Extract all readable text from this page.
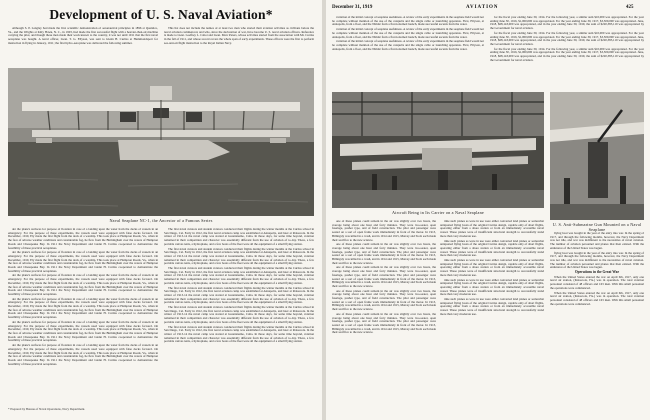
Development of U. S. Naval Aviation*

Although S. P. Langley had made the first scientific demonstration of aeronautical principles in 1896 at Quantico, Va., and the Wrights at Kitty Hawk, N. C., in 1903, had made the first successful flight with a heavier-than-air machine carrying the pilot, and though these men made their work known to the country, it was not until 1911 that the first naval aeroplane was bought. A naval officer, Lieut. T. G. Ellyson, was sent to Glenn H. Curtiss at Hammondsport for instruction in flying in January, 1911; the first hydro-aeroplane was delivered the following summer.

This list does not include the names of at least two men who started their aviation activities as civilians before the naval aviation commenced, and who, since the declaration of war, have become U. S. naval aviation officers. Reference is made to Lieut. Godfrey L. Cabot and Lieut. Marc Peters, whose activities started from the association with Mr. Curtiss in the fall of 1911, and whose record covers the whole span of early experiments. These officers were the first to perform sea-and-air flight instruction to the Royal Italian Navy.

Naval Seaplane NC-1, the Ancestor of a Famous Series

der the plane's surfaces for purpose of flotation in case of a landing upon the water from the decks of vessels in an emergency. For the purpose of these experiments, the vessels used were equipped with false decks forward. On December, 1910, Ely made the first flight from the deck of a warship. This took place at Hampton Roads, Va., when in the face of adverse weather conditions and considerable fog, he flew from the Birmingham over the waters of Hampton Roads and Chesapeake Bay. In 1911 the Navy Department and Glenn H. Curtiss cooperated to demonstrate the feasibility of these practical aeroplanes.

der the plane's surfaces for purpose of flotation in case of a landing upon the water from the decks of vessels in an emergency. For the purpose of these experiments, the vessels used were equipped with false decks forward. On December, 1910, Ely made the first flight from the deck of a warship. This took place at Hampton Roads, Va., when in the face of adverse weather conditions and considerable fog, he flew from the Birmingham over the waters of Hampton Roads and Chesapeake Bay. In 1911 the Navy Department and Glenn H. Curtiss cooperated to demonstrate the feasibility of these practical aeroplanes.

der the plane's surfaces for purpose of flotation in case of a landing upon the water from the decks of vessels in an emergency. For the purpose of these experiments, the vessels used were equipped with false decks forward. On December, 1910, Ely made the first flight from the deck of a warship. This took place at Hampton Roads, Va., when in the face of adverse weather conditions and considerable fog, he flew from the Birmingham over the waters of Hampton Roads and Chesapeake Bay. In 1911 the Navy Department and Glenn H. Curtiss cooperated to demonstrate the feasibility of these practical aeroplanes.

der the plane's surfaces for purpose of flotation in case of a landing upon the water from the decks of vessels in an emergency. For the purpose of these experiments, the vessels used were equipped with false decks forward. On December, 1910, Ely made the first flight from the deck of a warship. This took place at Hampton Roads, Va., when in the face of adverse weather conditions and considerable fog, he flew from the Birmingham over the waters of Hampton Roads and Chesapeake Bay. In 1911 the Navy Department and Glenn H. Curtiss cooperated to demonstrate the feasibility of these practical aeroplanes.

der the plane's surfaces for purpose of flotation in case of a landing upon the water from the decks of vessels in an emergency. For the purpose of these experiments, the vessels used were equipped with false decks forward. On December, 1910, Ely made the first flight from the deck of a warship. This took place at Hampton Roads, Va., when in the face of adverse weather conditions and considerable fog, he flew from the Birmingham over the waters of Hampton Roads and Chesapeake Bay. In 1911 the Navy Department and Glenn H. Curtiss cooperated to demonstrate the feasibility of these practical aeroplanes.

der the plane's surfaces for purpose of flotation in case of a landing upon the water from the decks of vessels in an emergency. For the purpose of these experiments, the vessels used were equipped with false decks forward. On December, 1910, Ely made the first flight from the deck of a warship. This took place at Hampton Roads, Va., when in the face of adverse weather conditions and considerable fog, he flew from the Birmingham over the waters of Hampton Roads and Chesapeake Bay. In 1911 the Navy Department and Glenn H. Curtiss cooperated to demonstrate the feasibility of these practical aeroplanes.

The first naval aviators and student aviators conducted their flights during the winter months at the Curtiss school in San Diego, Cal. Early in 1912, the first naval aviation camp was established at Annapolis, and later at Pensacola. In the winter of 1913-14 the naval camp was started at Guantanamo, Cuba. In those days, for some time beyond, aviation remained in their competition and character was essentially different from the use of aviation of to-day. There, a few portable canvas tents, a hydroplane, and a few boats of the fleet were all the equipment of a small flying station.

The first naval aviators and student aviators conducted their flights during the winter months at the Curtiss school in San Diego, Cal. Early in 1912, the first naval aviation camp was established at Annapolis, and later at Pensacola. In the winter of 1913-14 the naval camp was started at Guantanamo, Cuba. In those days, for some time beyond, aviation remained in their competition and character was essentially different from the use of aviation of to-day. There, a few portable canvas tents, a hydroplane, and a few boats of the fleet were all the equipment of a small flying station.

The first naval aviators and student aviators conducted their flights during the winter months at the Curtiss school in San Diego, Cal. Early in 1912, the first naval aviation camp was established at Annapolis, and later at Pensacola. In the winter of 1913-14 the naval camp was started at Guantanamo, Cuba. In those days, for some time beyond, aviation remained in their competition and character was essentially different from the use of aviation of to-day. There, a few portable canvas tents, a hydroplane, and a few boats of the fleet were all the equipment of a small flying station.

The first naval aviators and student aviators conducted their flights during the winter months at the Curtiss school in San Diego, Cal. Early in 1912, the first naval aviation camp was established at Annapolis, and later at Pensacola. In the winter of 1913-14 the naval camp was started at Guantanamo, Cuba. In those days, for some time beyond, aviation remained in their competition and character was essentially different from the use of aviation of to-day. There, a few portable canvas tents, a hydroplane, and a few boats of the fleet were all the equipment of a small flying station.

The first naval aviators and student aviators conducted their flights during the winter months at the Curtiss school in San Diego, Cal. Early in 1912, the first naval aviation camp was established at Annapolis, and later at Pensacola. In the winter of 1913-14 the naval camp was started at Guantanamo, Cuba. In those days, for some time beyond, aviation remained in their competition and character was essentially different from the use of aviation of to-day. There, a few portable canvas tents, a hydroplane, and a few boats of the fleet were all the equipment of a small flying station.

The first naval aviators and student aviators conducted their flights during the winter months at the Curtiss school in San Diego, Cal. Early in 1912, the first naval aviation camp was established at Annapolis, and later at Pensacola. In the winter of 1913-14 the naval camp was started at Guantanamo, Cuba. In those days, for some time beyond, aviation remained in their competition and character was essentially different from the use of aviation of to-day. There, a few portable canvas tents, a hydroplane, and a few boats of the fleet were all the equipment of a small flying station.

* Prepared by Bureau of Naval Operations, Navy Department.
December 31, 1919	AVIATION	425

variation of the initial concept of seaplane usefulness. A review of the early experiments in the seaplane field would not be complete without mention of the use of the catapults and the single cable or launching apparatus. First, Ellyson, at Annapolis, from a float, and the Nimitz from a flat-bottomed launch, made successful ascents from the water.

variation of the initial concept of seaplane usefulness. A review of the early experiments in the seaplane field would not be complete without mention of the use of the catapults and the single cable or launching apparatus. First, Ellyson, at Annapolis, from a float, and the Nimitz from a flat-bottomed launch, made successful ascents from the water.

variation of the initial concept of seaplane usefulness. A review of the early experiments in the seaplane field would not be complete without mention of the use of the catapults and the single cable or launching apparatus. First, Ellyson, at Annapolis, from a float, and the Nimitz from a flat-bottomed launch, made successful ascents from the water.

for the fiscal year ending June 30, 1914. For the following year, a similar sum $10,000 was appropriated. For the year ending June 30, 1916, $1,000,000 was appropriated. For the year ending June 30, 1917, $3,500,000 was appropriated. June, 1918, $68,143,000 was appropriated, and in the year ending June 30, 1919, the sum of $220,383,119 was appropriated by the Government for naval aviation.

for the fiscal year ending June 30, 1914. For the following year, a similar sum $10,000 was appropriated. For the year ending June 30, 1916, $1,000,000 was appropriated. For the year ending June 30, 1917, $3,500,000 was appropriated. June, 1918, $68,143,000 was appropriated, and in the year ending June 30, 1919, the sum of $220,383,119 was appropriated by the Government for naval aviation.

for the fiscal year ending June 30, 1914. For the following year, a similar sum $10,000 was appropriated. For the year ending June 30, 1916, $1,000,000 was appropriated. For the year ending June 30, 1917, $3,500,000 was appropriated. June, 1918, $68,143,000 was appropriated, and in the year ending June 30, 1919, the sum of $220,383,119 was appropriated by the Government for naval aviation.

Aircraft Being in Its Carrier on a Naval Seaplane
U. S. Anti-Submarine Gun Mounted on a Naval Seaplane

one of these planes could remain in the air was slightly over two hours, the average being about one hour and forty minutes. They were two-seater, open fuselage, pusher type, and of field construction. The pilot and passenger were seated on a sort of open frame work immediately in front of the motor. In 1913, Billingsly was killed in a crash, and in 1914 and 1915, Murray and Stolz each made their sacrifice to the new science.

one of these planes could remain in the air was slightly over two hours, the average being about one hour and forty minutes. They were two-seater, open fuselage, pusher type, and of field construction. The pilot and passenger were seated on a sort of open frame work immediately in front of the motor. In 1913, Billingsly was killed in a crash, and in 1914 and 1915, Murray and Stolz each made their sacrifice to the new science.

one of these planes could remain in the air was slightly over two hours, the average being about one hour and forty minutes. They were two-seater, open fuselage, pusher type, and of field construction. The pilot and passenger were seated on a sort of open frame work immediately in front of the motor. In 1913, Billingsly was killed in a crash, and in 1914 and 1915, Murray and Stolz each made their sacrifice to the new science.

one of these planes could remain in the air was slightly over two hours, the average being about one hour and forty minutes. They were two-seater, open fuselage, pusher type, and of field construction. The pilot and passenger were seated on a sort of open frame work immediately in front of the motor. In 1913, Billingsly was killed in a crash, and in 1914 and 1915, Murray and Stolz each made their sacrifice to the new science.

one of these planes could remain in the air was slightly over two hours, the average being about one hour and forty minutes. They were two-seater, open fuselage, pusher type, and of field construction. The pilot and passenger were seated on a sort of open frame work immediately in front of the motor. In 1913, Billingsly was killed in a crash, and in 1914 and 1915, Murray and Stolz each made their sacrifice to the new science.

time such planes as were in use were either converted land planes or somewhat antiquated flying boats of the original Curtiss design, capable only of short flights, operating either from a shore station or from an immediately accessible naval vessel. These planes were of insufficient structural strength to successfully stand more than very moderate use.

time such planes as were in use were either converted land planes or somewhat antiquated flying boats of the original Curtiss design, capable only of short flights, operating either from a shore station or from an immediately accessible naval vessel. These planes were of insufficient structural strength to successfully stand more than very moderate use.

time such planes as were in use were either converted land planes or somewhat antiquated flying boats of the original Curtiss design, capable only of short flights, operating either from a shore station or from an immediately accessible naval vessel. These planes were of insufficient structural strength to successfully stand more than very moderate use.

time such planes as were in use were either converted land planes or somewhat antiquated flying boats of the original Curtiss design, capable only of short flights, operating either from a shore station or from an immediately accessible naval vessel. These planes were of insufficient structural strength to successfully stand more than very moderate use.

time such planes as were in use were either converted land planes or somewhat antiquated flying boats of the original Curtiss design, capable only of short flights, operating either from a shore station or from an immediately accessible naval vessel. These planes were of insufficient structural strength to successfully stand more than very moderate use.

flying boat was bought in the year of the entry into war. In the spring of 1917, and through the following months, however, the Navy Department was not idle, and war was indifferent to the necessities of naval aviation. The number of aviation personnel and planes that then existed. With the endurance of the United States was begun.

flying boat was bought in the year of the entry into war. In the spring of 1917, and through the following months, however, the Navy Department was not idle, and war was indifferent to the necessities of naval aviation. The number of aviation personnel and planes that then existed. With the endurance of the United States was begun.

Operations in the Great War

When the United States entered the war on April 6th, 1917, only one naval air station, (Pensacola, Fla.) was in operation. The total aviation personnel consisted of 48 officers and 163 men. With this small personnel the operations were commenced.

When the United States entered the war on April 6th, 1917, only one naval air station, (Pensacola, Fla.) was in operation. The total aviation personnel consisted of 48 officers and 163 men. With this small personnel the operations were commenced.
